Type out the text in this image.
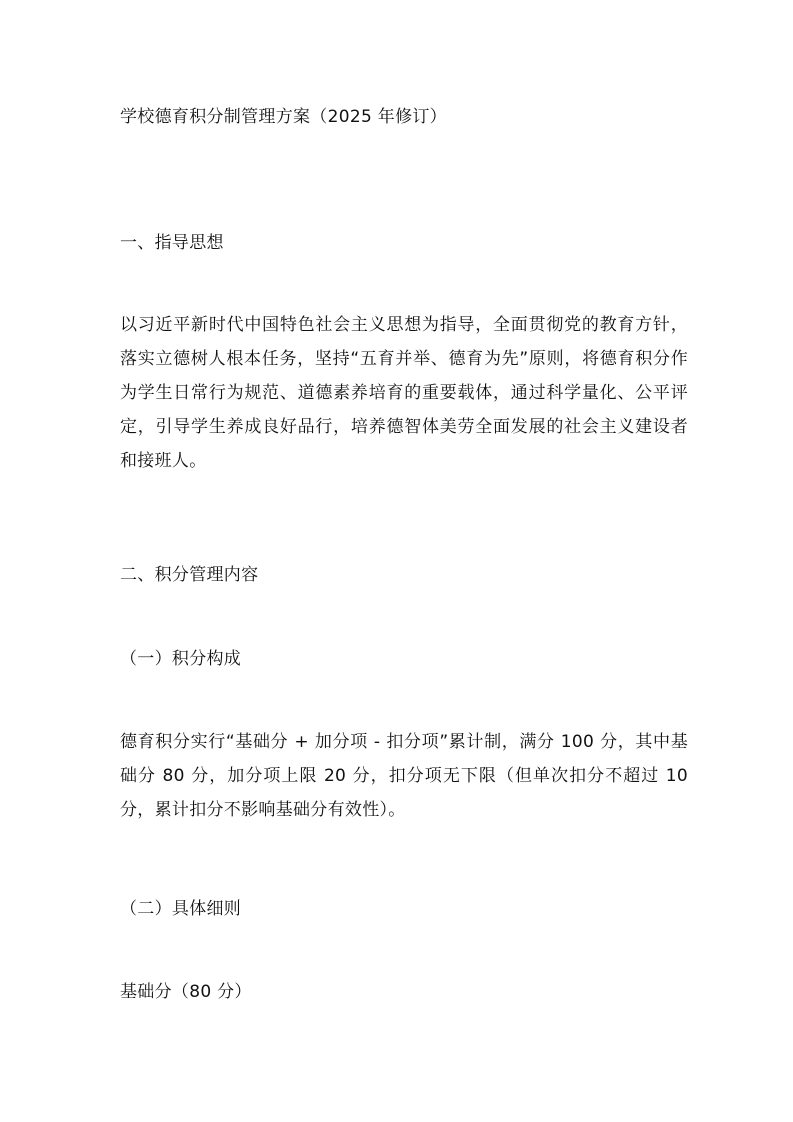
学校德育积分制管理方案（2025 年修订）
一、指导思想

以习近平新时代中国特色社会主义思想为指导，全面贯彻党的教育方针，落实立德树人根本任务，坚持“五育并举、德育为先”原则，将德育积分作为学生日常行为规范、道德素养培育的重要载体，通过科学量化、公平评定，引导学生养成良好品行，培养德智体美劳全面发展的社会主义建设者和接班人。

二、积分管理内容
（一）积分构成

德育积分实行“基础分 + 加分项 - 扣分项”累计制，满分 100 分，其中基础分 80 分，加分项上限 20 分，扣分项无下限（但单次扣分不超过 10 分，累计扣分不影响基础分有效性）。

（二）具体细则
基础分（80 分）
